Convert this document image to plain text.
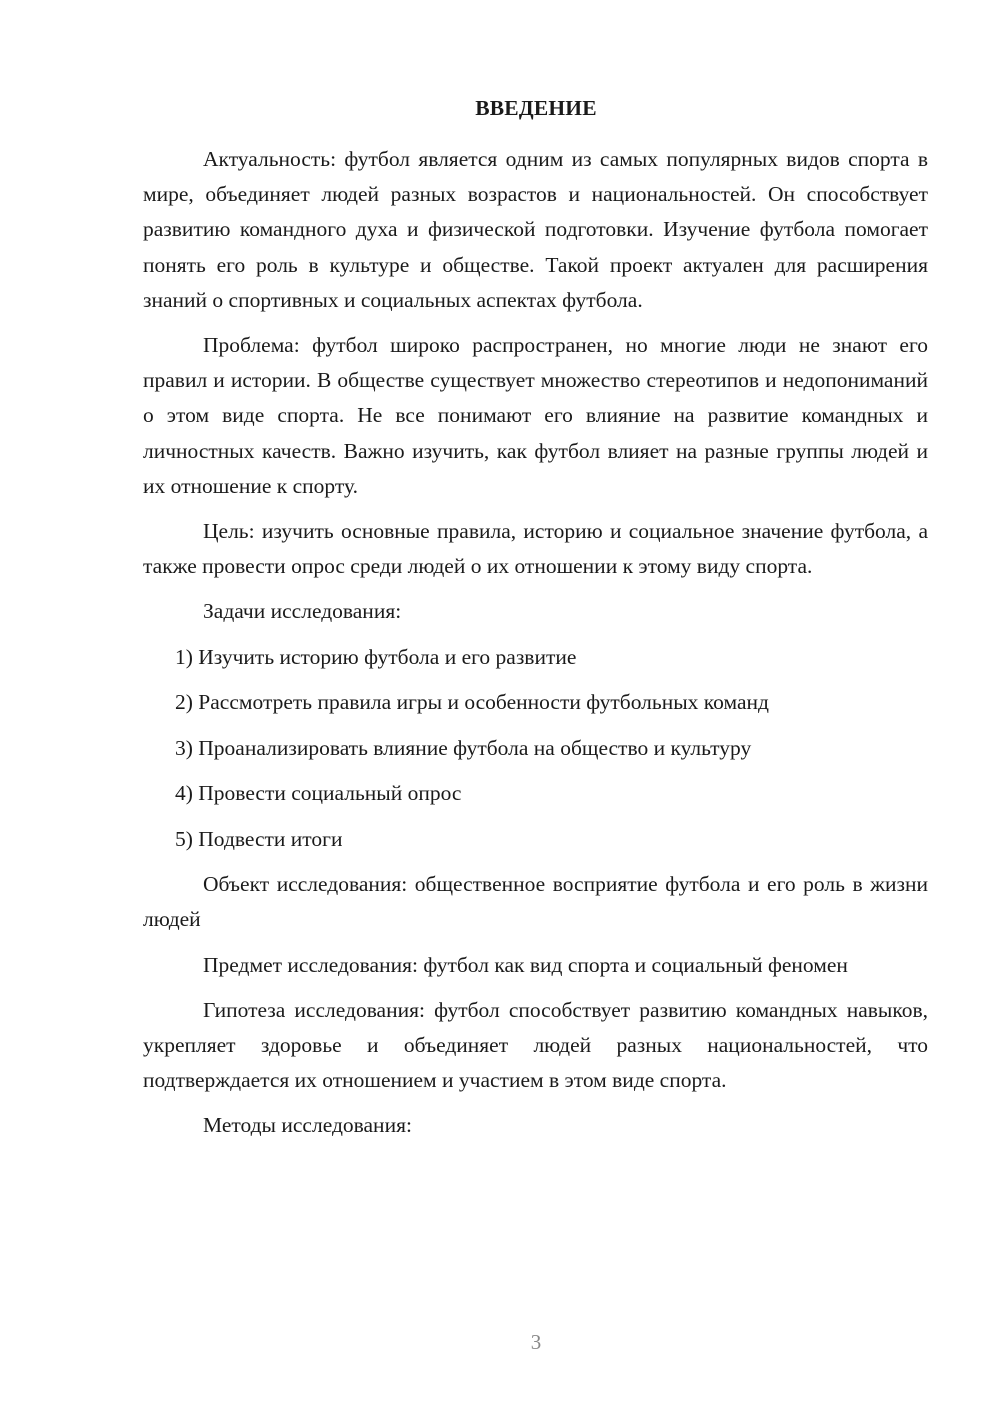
ВВЕДЕНИЕ

Актуальность: футбол является одним из самых популярных видов спорта в мире, объединяет людей разных возрастов и национальностей. Он способствует развитию командного духа и физической подготовки. Изучение футбола помогает понять его роль в культуре и обществе. Такой проект актуален для расширения знаний о спортивных и социальных аспектах футбола.

Проблема: футбол широко распространен, но многие люди не знают его правил и истории. В обществе существует множество стереотипов и недопониманий о этом виде спорта. Не все понимают его влияние на развитие командных и личностных качеств. Важно изучить, как футбол влияет на разные группы людей и их отношение к спорту.

Цель: изучить основные правила, историю и социальное значение футбола, а также провести опрос среди людей о их отношении к этому виду спорта.

Задачи исследования:

1) Изучить историю футбола и его развитие
2) Рассмотреть правила игры и особенности футбольных команд
3) Проанализировать влияние футбола на общество и культуру
4) Провести социальный опрос
5) Подвести итоги

Объект исследования: общественное восприятие футбола и его роль в жизни людей

Предмет исследования: футбол как вид спорта и социальный феномен

Гипотеза исследования: футбол способствует развитию командных навыков, укрепляет здоровье и объединяет людей разных национальностей, что подтверждается их отношением и участием в этом виде спорта.

Методы исследования:

3
